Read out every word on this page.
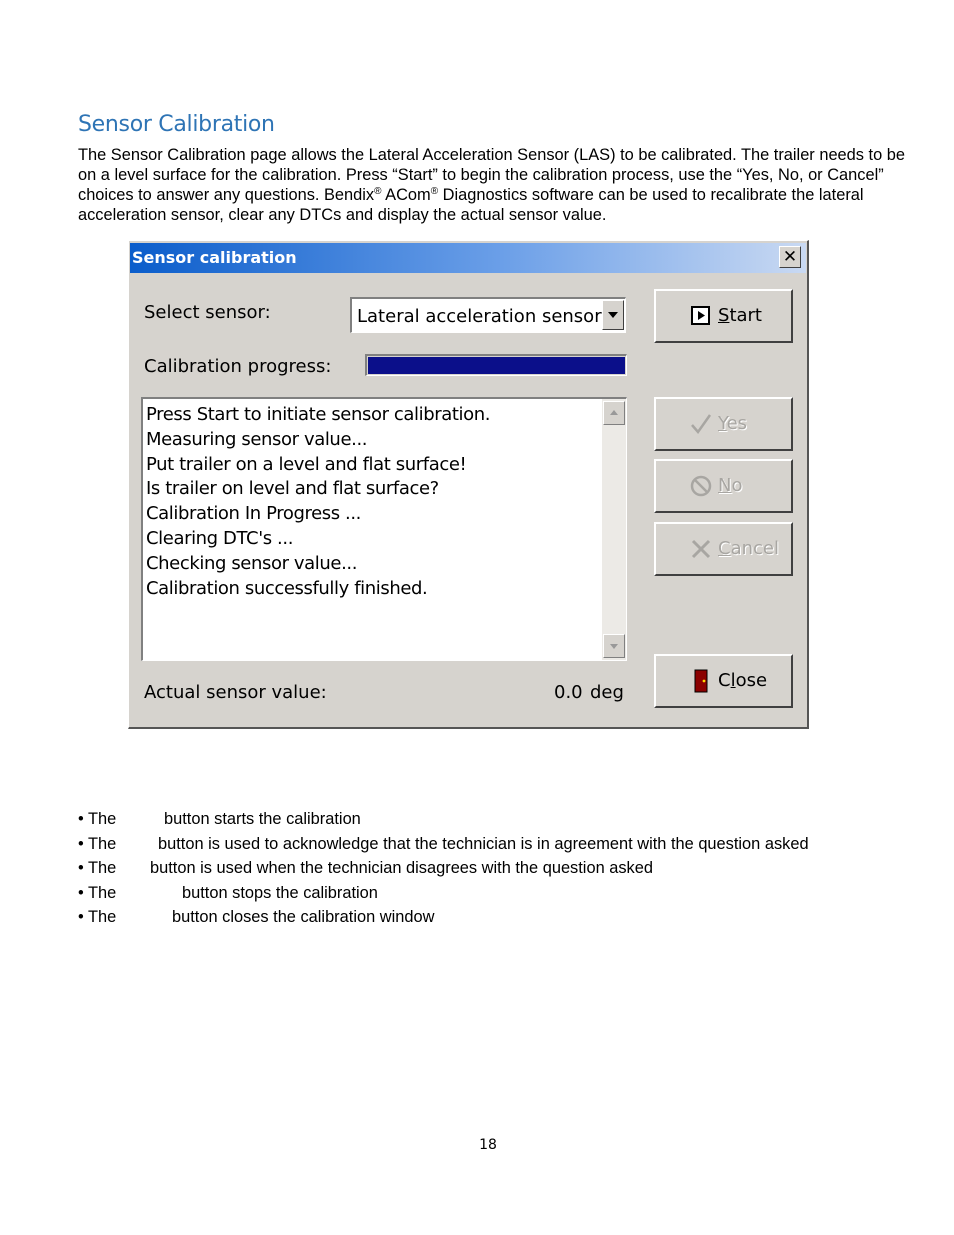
Sensor Calibration

The Sensor Calibration page allows the Lateral Acceleration Sensor (LAS) to be calibrated. The trailer needs to be on a level surface for the calibration. Press “Start” to begin the calibration process, use the “Yes, No, or Cancel” choices to answer any questions. Bendix® ACom® Diagnostics software can be used to recalibrate the lateral acceleration sensor, clear any DTCs and display the actual sensor value.

Sensor calibration	✕
Select sensor:	Lateral acceleration sensor
Calibration progress:
Press Start to initiate sensor calibration.
Measuring sensor value...
Put trailer on a level and flat surface!
Is trailer on level and flat surface?
Calibration In Progress ...
Clearing DTC's ...
Checking sensor value...
Calibration successfully finished.
Actual sensor value:	0.0 deg
Start
Yes
No
Cancel
Close
• The	button starts the calibration
• The	button is used to acknowledge that the technician is in agreement with the question asked
• The button is used when the technician disagrees with the question asked
• The	button stops the calibration
• The	button closes the calibration window
18
